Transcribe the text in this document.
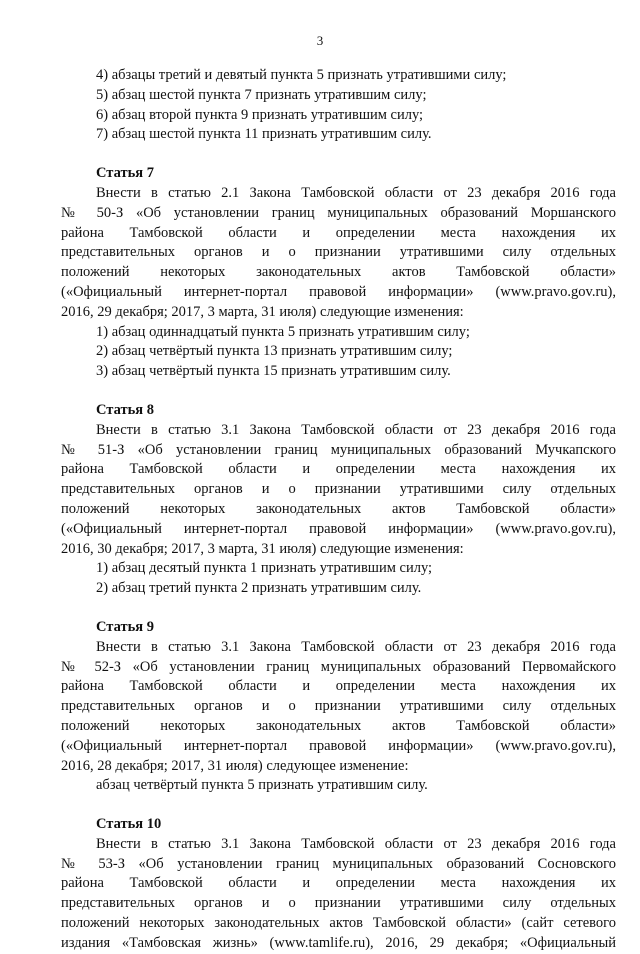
3
4) абзацы третий и девятый пункта 5 признать утратившими силу;
5) абзац шестой пункта 7 признать утратившим силу;
6) абзац второй пункта 9 признать утратившим силу;
7) абзац шестой пункта 11 признать утратившим силу.
Статья 7
Внести в статью 2.1 Закона Тамбовской области от 23 декабря 2016 года
№ 50-З «Об установлении границ муниципальных образований Моршанского
района Тамбовской области и определении места нахождения их
представительных органов и о признании утратившими силу отдельных
положений некоторых законодательных актов Тамбовской области»
(«Официальный интернет-портал правовой информации» (www.pravo.gov.ru),
2016, 29 декабря; 2017, 3 марта, 31 июля) следующие изменения:
1) абзац одиннадцатый пункта 5 признать утратившим силу;
2) абзац четвёртый пункта 13 признать утратившим силу;
3) абзац четвёртый пункта 15 признать утратившим силу.
Статья 8
Внести в статью 3.1 Закона Тамбовской области от 23 декабря 2016 года
№ 51-З «Об установлении границ муниципальных образований Мучкапского
района Тамбовской области и определении места нахождения их
представительных органов и о признании утратившими силу отдельных
положений некоторых законодательных актов Тамбовской области»
(«Официальный интернет-портал правовой информации» (www.pravo.gov.ru),
2016, 30 декабря; 2017, 3 марта, 31 июля) следующие изменения:
1) абзац десятый пункта 1 признать утратившим силу;
2) абзац третий пункта 2 признать утратившим силу.
Статья 9
Внести в статью 3.1 Закона Тамбовской области от 23 декабря 2016 года
№ 52-З «Об установлении границ муниципальных образований Первомайского
района Тамбовской области и определении места нахождения их
представительных органов и о признании утратившими силу отдельных
положений некоторых законодательных актов Тамбовской области»
(«Официальный интернет-портал правовой информации» (www.pravo.gov.ru),
2016, 28 декабря; 2017, 31 июля) следующее изменение:
абзац четвёртый пункта 5 признать утратившим силу.
Статья 10
Внести в статью 3.1 Закона Тамбовской области от 23 декабря 2016 года
№ 53-З «Об установлении границ муниципальных образований Сосновского
района Тамбовской области и определении места нахождения их
представительных органов и о признании утратившими силу отдельных
положений некоторых законодательных актов Тамбовской области» (сайт сетевого
издания «Тамбовская жизнь» (www.tamlife.ru), 2016, 29 декабря; «Официальный
